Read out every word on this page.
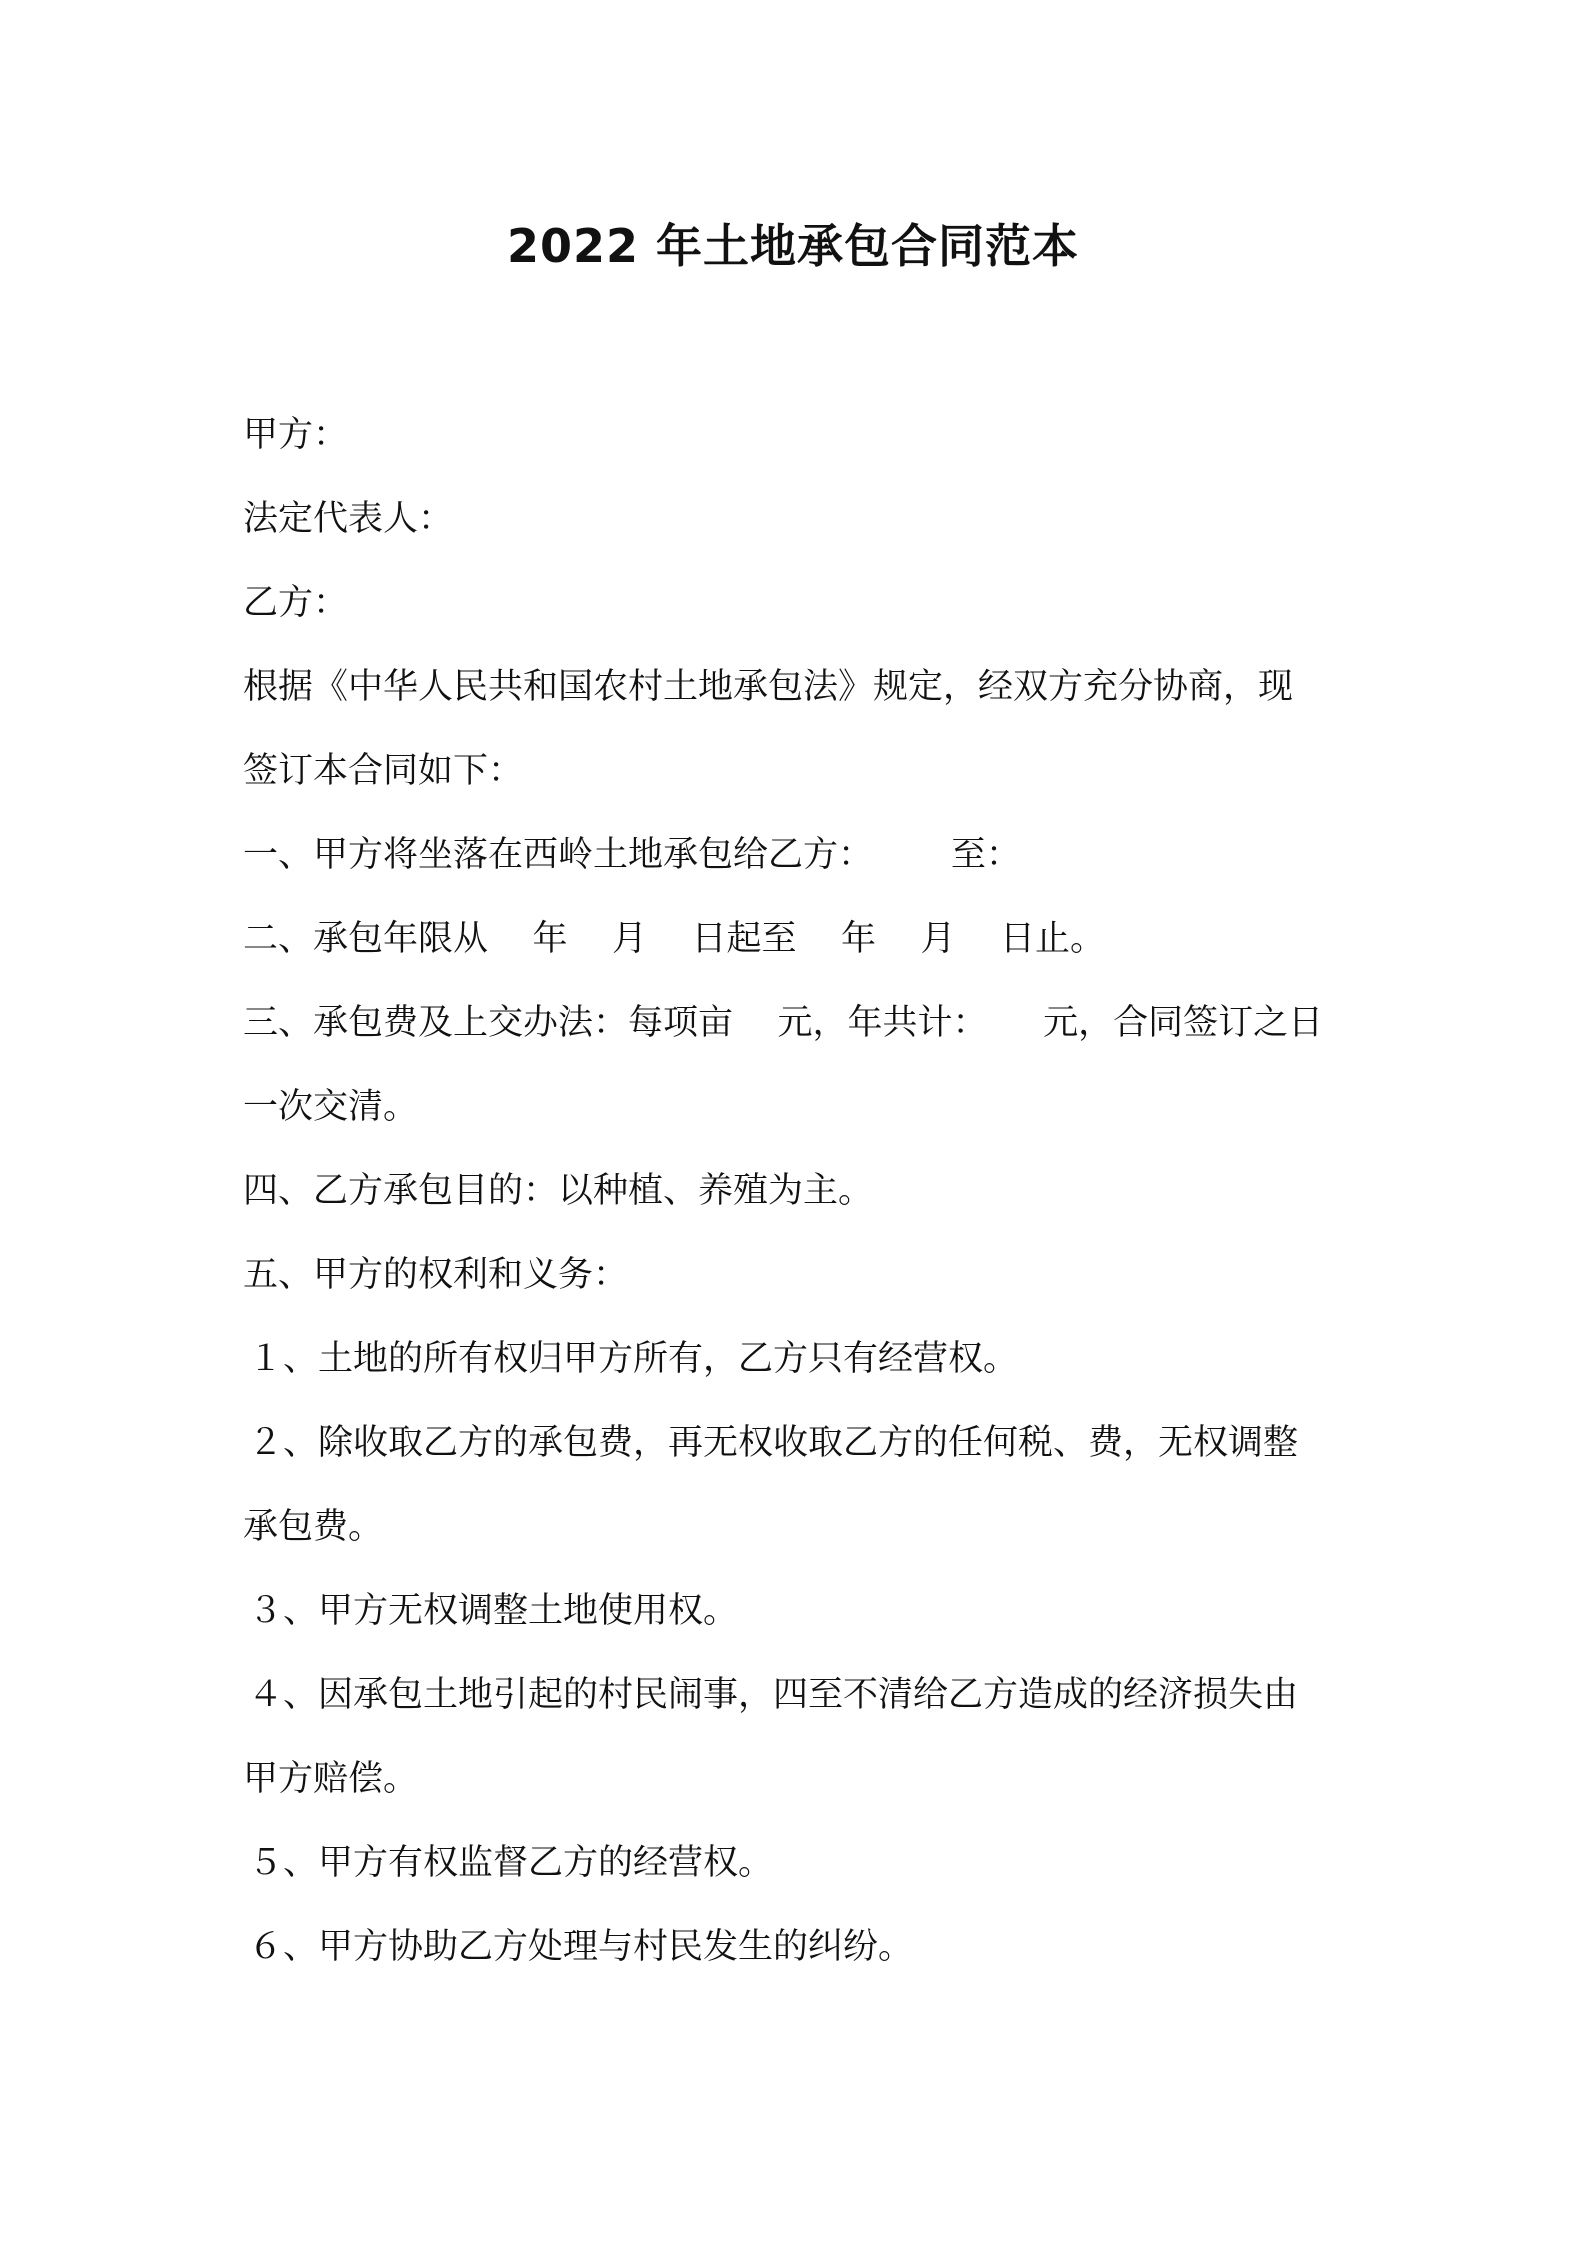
2022 年土地承包合同范本
甲方：
法定代表人：
乙方：
根据《中华人民共和国农村土地承包法》规定，经双方充分协商，现
签订本合同如下：
一、甲方将坐落在西岭土地承包给乙方：       至：
二、承包年限从    年    月    日起至    年    月    日止。
三、承包费及上交办法：每项亩    元，年共计：     元，合同签订之日
一次交清。
四、乙方承包目的：以种植、养殖为主。
五、甲方的权利和义务：
１、土地的所有权归甲方所有，乙方只有经营权。
２、除收取乙方的承包费，再无权收取乙方的任何税、费，无权调整
承包费。
３、甲方无权调整土地使用权。
４、因承包土地引起的村民闹事，四至不清给乙方造成的经济损失由
甲方赔偿。
５、甲方有权监督乙方的经营权。
６、甲方协助乙方处理与村民发生的纠纷。
